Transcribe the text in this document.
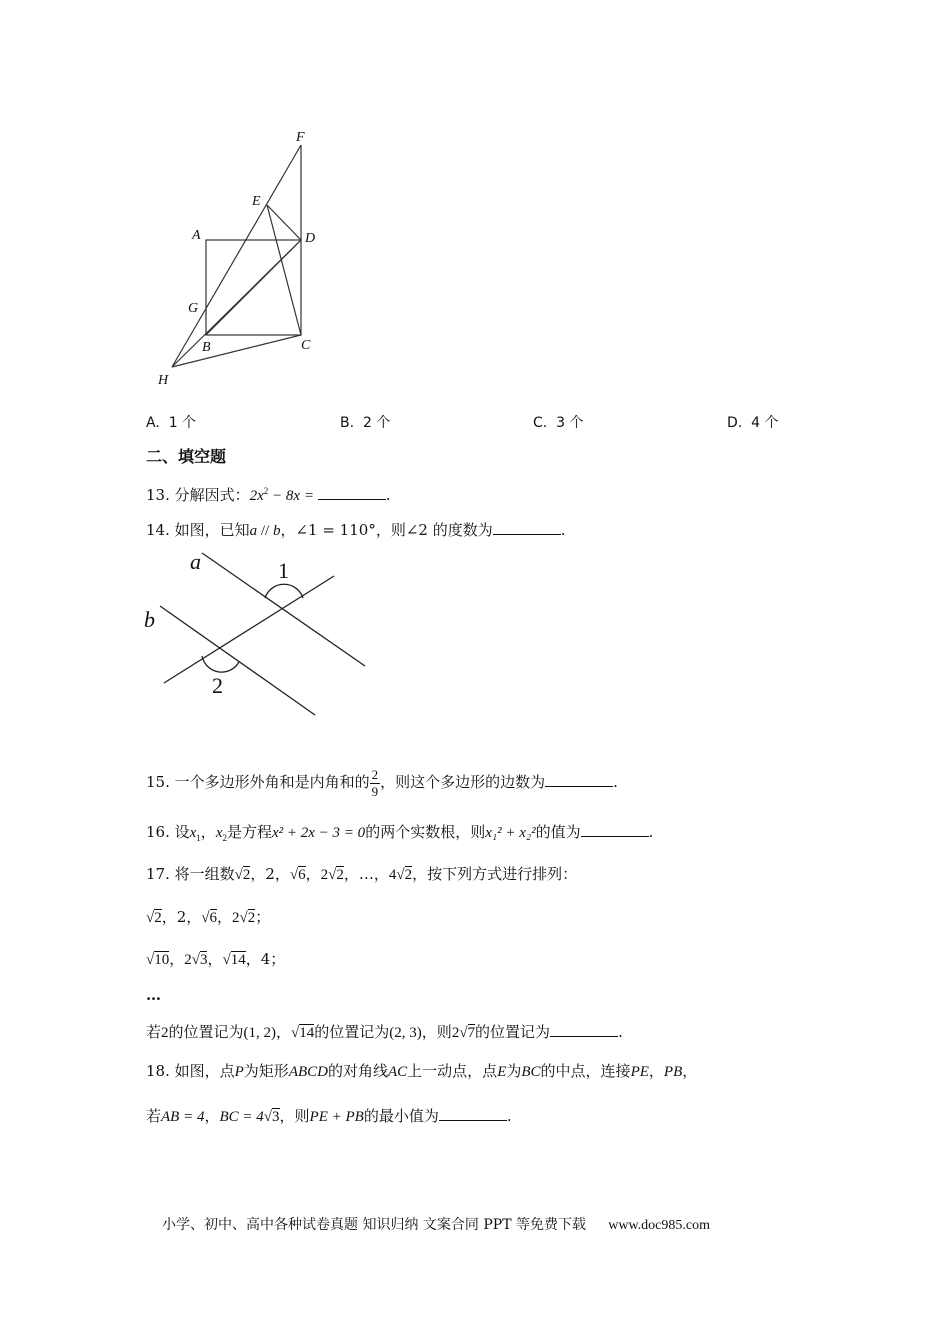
F
E
A	D
G
B	C
H
A. 1 个	B. 2 个	C. 3 个	D. 4 个
二、填空题
13. 分解因式：$2x^2 - 8x$ =	.
14. 如图，已知a // b，∠1 = 110°，则∠2 的度数为	.
a
b
1
2
15. 一个多边形外角和是内角和的 $\frac{2}{9}$ ，则这个多边形的边数为	.
16. 设$x_1$，$x_2$是方程x² + 2x − 3 = 0的两个实数根，则x₁² + x₂²的值为	.
17. 将一组数√2，2，√6，2√2，…，4√2，按下列方式进行排列：
√2，2，√6，2√2；
√10，2√3，√14，4；
…
若2的位置记为(1, 2)，√14的位置记为(2, 3)，则2√7的位置记为	.
18. 如图，点P为矩形ABCD的对角线AC上一动点，点E为BC的中点，连接PE，PB，
若AB = 4，BC = 4√3，则PE + PB的最小值为	.
小学、初中、高中各种试卷真题 知识归纳 文案合同 PPT 等免费下载 www.doc985.com
